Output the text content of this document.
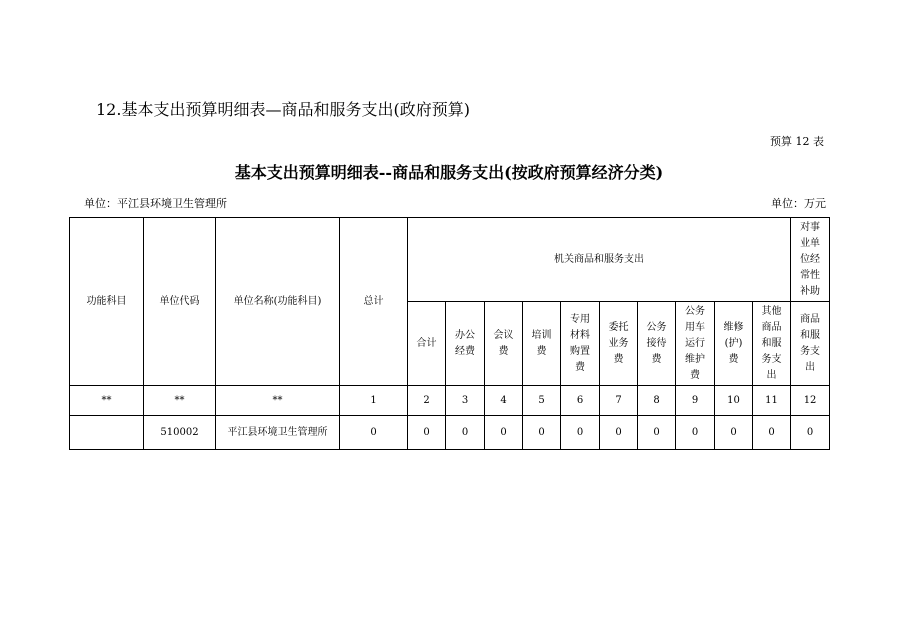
12.基本支出预算明细表—商品和服务支出(政府预算)
预算 12 表
基本支出预算明细表--商品和服务支出(按政府预算经济分类)
单位：平江县环境卫生管理所	单位：万元
功能科目	单位代码	单位名称(功能科目)	总计	机关商品和服务支出										对事业单位经常性补助
				合计	办公经费	会议费	培训费	专用材料购置费	委托业务费	公务接待费	公务用车运行维护费	维修(护)费	其他商品和服务支出	商品和服务支出
**	**	**	1	2	3	4	5	6	7	8	9	10	11	12
	510002	平江县环境卫生管理所	0	0	0	0	0	0	0	0	0	0	0	0
